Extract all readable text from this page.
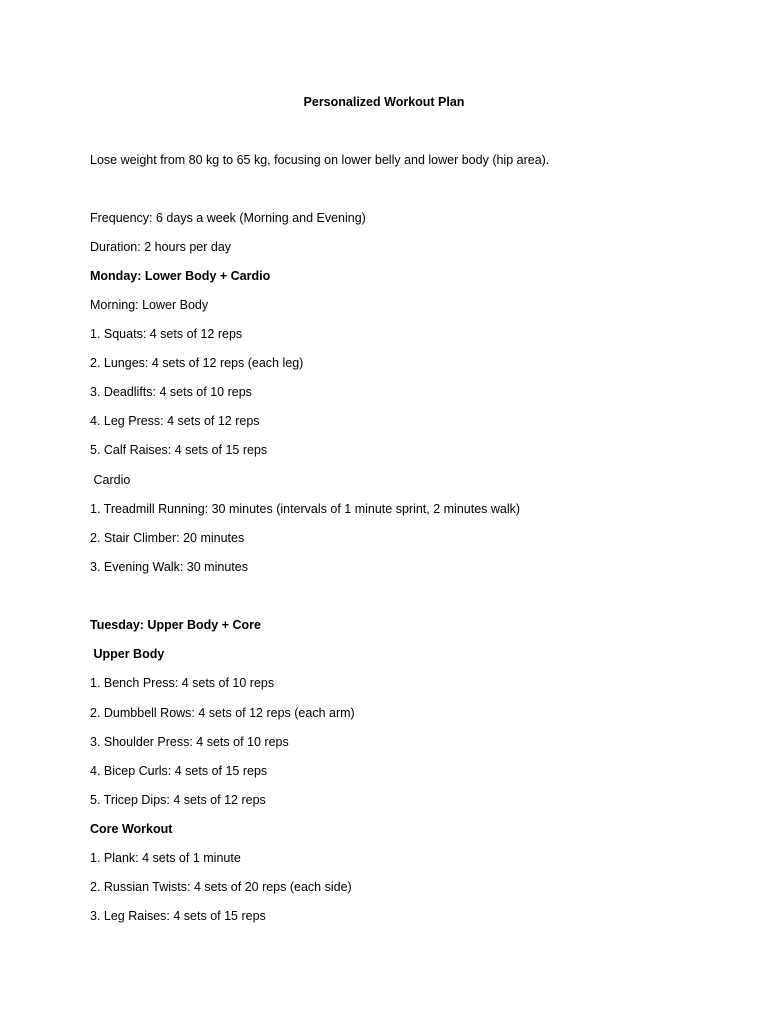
Personalized Workout Plan

Lose weight from 80 kg to 65 kg, focusing on lower belly and lower body (hip area).

Frequency: 6 days a week (Morning and Evening)

Duration: 2 hours per day

Monday: Lower Body + Cardio

Morning: Lower Body

1. Squats: 4 sets of 12 reps

2. Lunges: 4 sets of 12 reps (each leg)

3. Deadlifts: 4 sets of 10 reps

4. Leg Press: 4 sets of 12 reps

5. Calf Raises: 4 sets of 15 reps

Cardio

1. Treadmill Running: 30 minutes (intervals of 1 minute sprint, 2 minutes walk)

2. Stair Climber: 20 minutes

3. Evening Walk: 30 minutes

Tuesday: Upper Body + Core

Upper Body

1. Bench Press: 4 sets of 10 reps

2. Dumbbell Rows: 4 sets of 12 reps (each arm)

3. Shoulder Press: 4 sets of 10 reps

4. Bicep Curls: 4 sets of 15 reps

5. Tricep Dips: 4 sets of 12 reps

Core Workout

1. Plank: 4 sets of 1 minute

2. Russian Twists: 4 sets of 20 reps (each side)

3. Leg Raises: 4 sets of 15 reps
